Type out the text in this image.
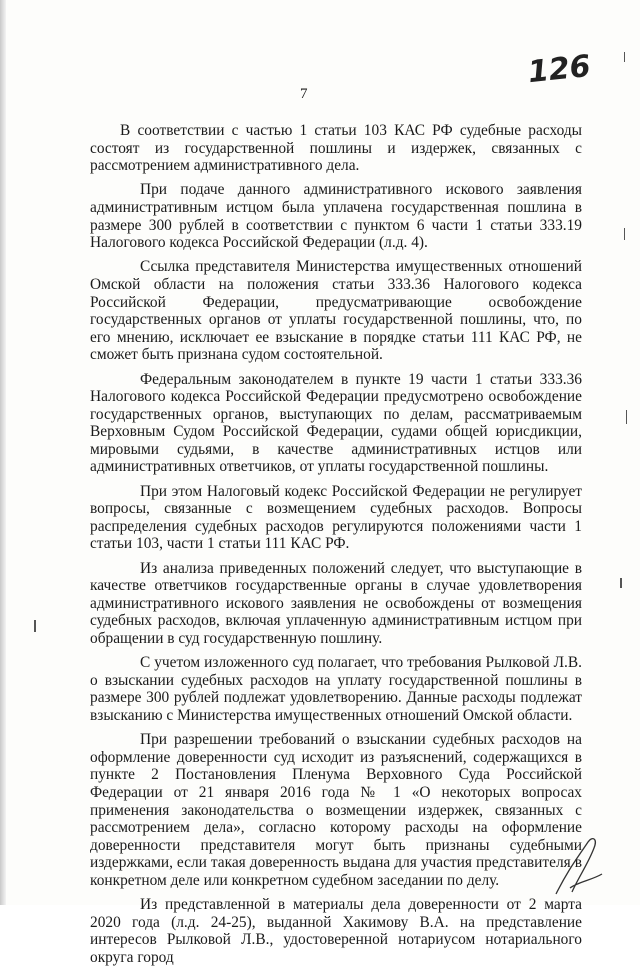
126
7

В соответствии с частью 1 статьи 103 КАС РФ судебные расходы состоят из государственной пошлины и издержек, связанных с рассмотрением административного дела.

При подаче данного административного искового заявления административным истцом была уплачена государственная пошлина в размере 300 рублей в соответствии с пунктом 6 части 1 статьи 333.19 Налогового кодекса Российской Федерации (л.д. 4).

Ссылка представителя Министерства имущественных отношений Омской области на положения статьи 333.36 Налогового кодекса Российской Федерации, предусматривающие освобождение государственных органов от уплаты государственной пошлины, что, по его мнению, исключает ее взыскание в порядке статьи 111 КАС РФ, не сможет быть признана судом состоятельной.

Федеральным законодателем в пункте 19 части 1 статьи 333.36 Налогового кодекса Российской Федерации предусмотрено освобождение государственных органов, выступающих по делам, рассматриваемым Верховным Судом Российской Федерации, судами общей юрисдикции, мировыми судьями, в качестве административных истцов или административных ответчиков, от уплаты государственной пошлины.

При этом Налоговый кодекс Российской Федерации не регулирует вопросы, связанные с возмещением судебных расходов. Вопросы распределения судебных расходов регулируются положениями части 1 статьи 103, части 1 статьи 111 КАС РФ.

Из анализа приведенных положений следует, что выступающие в качестве ответчиков государственные органы в случае удовлетворения административного искового заявления не освобождены от возмещения судебных расходов, включая уплаченную административным истцом при обращении в суд государственную пошлину.

С учетом изложенного суд полагает, что требования Рылковой Л.В. о взыскании судебных расходов на уплату государственной пошлины в размере 300 рублей подлежат удовлетворению. Данные расходы подлежат взысканию с Министерства имущественных отношений Омской области.

При разрешении требований о взыскании судебных расходов на оформление доверенности суд исходит из разъяснений, содержащихся в пункте 2 Постановления Пленума Верховного Суда Российской Федерации от 21 января 2016 года № 1 «О некоторых вопросах применения законодательства о возмещении издержек, связанных с рассмотрением дела», согласно которому расходы на оформление доверенности представителя могут быть признаны судебными издержками, если такая доверенность выдана для участия представителя в конкретном деле или конкретном судебном заседании по делу.

Из представленной в материалы дела доверенности от 2 марта 2020 года (л.д. 24-25), выданной Хакимову В.А. на представление интересов Рылковой Л.В., удостоверенной нотариусом нотариального округа город
